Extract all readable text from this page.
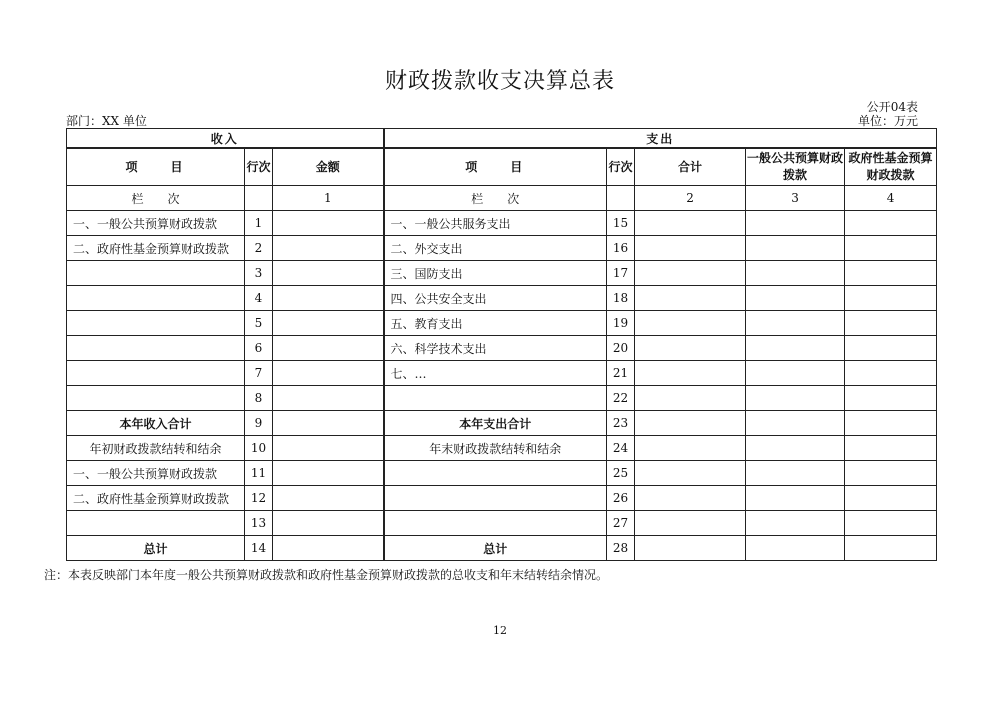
财政拨款收支决算总表
公开04表
部门：XX 单位	单位：万元
收入			支出				
项　　目	行次	金额	项　　目	行次	合计	一般公共预算财政拨款	政府性基金预算财政拨款
栏　　次		1	栏　　次		2	3	4
一、一般公共预算财政拨款	1		一、一般公共服务支出	15			
二、政府性基金预算财政拨款	2		二、外交支出	16			
	3		三、国防支出	17			
	4		四、公共安全支出	18			
	5		五、教育支出	19			
	6		六、科学技术支出	20			
	7		七、…	21			
	8			22			
本年收入合计	9		本年支出合计	23			
年初财政拨款结转和结余	10		年末财政拨款结转和结余	24			
一、一般公共预算财政拨款	11			25			
二、政府性基金预算财政拨款	12			26			
	13			27			
总计	14		总计	28			
注：本表反映部门本年度一般公共预算财政拨款和政府性基金预算财政拨款的总收支和年末结转结余情况。
12
